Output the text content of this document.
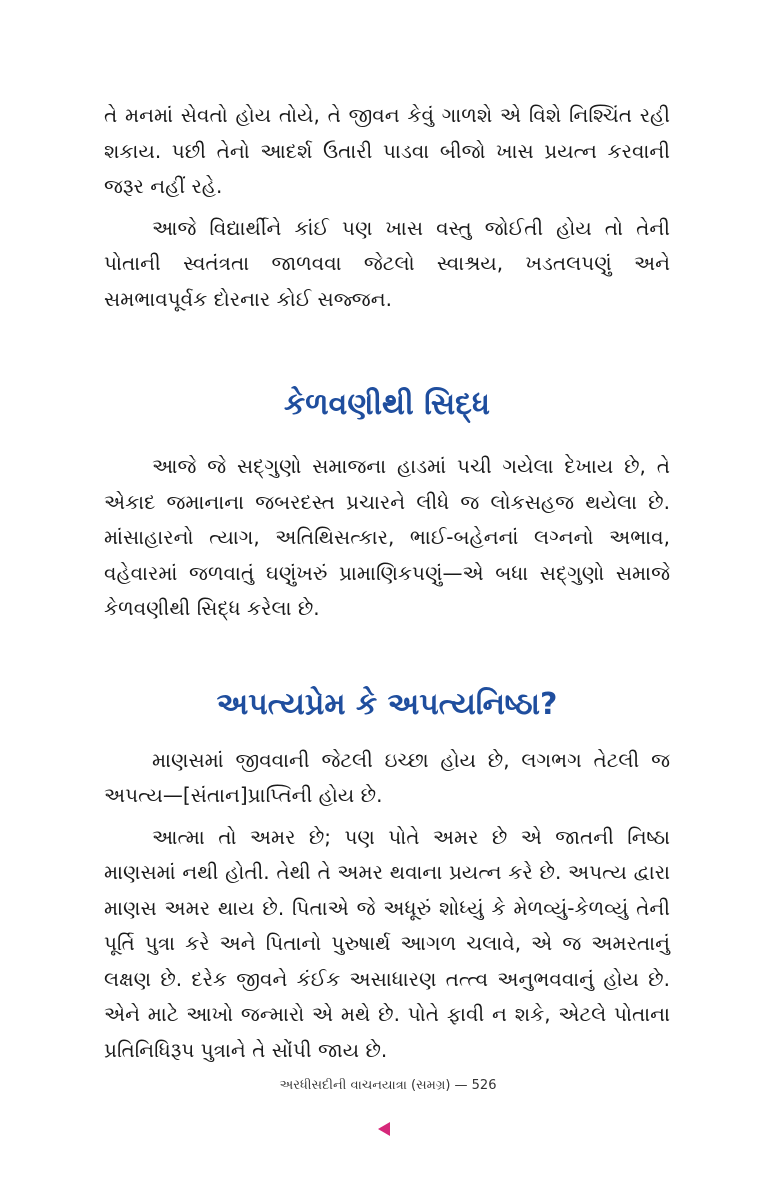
તે મનમાં સેવતો હોય તોયે, તે જીવન કેવું ગાળશે એ વિશે નિશ્ચિંત રહી શકાય. પછી તેનો આદર્શ ઉતારી પાડવા બીજો ખાસ પ્રયત્ન કરવાની જરૂર નહીં રહે.

આજે વિદ્યાર્થીને કાંઈ પણ ખાસ વસ્તુ જોઈતી હોય તો તેની પોતાની સ્વતંત્રતા જાળવવા જેટલો સ્વાશ્રય, ખડતલપણું અને સમભાવપૂર્વક દોરનાર કોઈ સજ્જન.

કેળવણીથી સિદ્ધ

આજે જે સદ્ગુણો સમાજના હાડમાં પચી ગયેલા દેખાય છે, તે એકાદ જમાનાના જબરદસ્ત પ્રચારને લીધે જ લોકસહજ થયેલા છે. માંસાહારનો ત્યાગ, અતિથિસત્કાર, ભાઈ-બહેનનાં લગ્નનો અભાવ, વહેવારમાં જળવાતું ઘણુંખરું પ્રામાણિકપણું—એ બધા સદ્ગુણો સમાજે કેળવણીથી સિદ્ધ કરેલા છે.

અપત્યપ્રેમ કે અપત્યનિષ્ઠા?

માણસમાં જીવવાની જેટલી ઇચ્છા હોય છે, લગભગ તેટલી જ અપત્ય—[સંતાન]પ્રાપ્તિની હોય છે.

આત્મા તો અમર છે; પણ પોતે અમર છે એ જાતની નિષ્ઠા માણસમાં નથી હોતી. તેથી તે અમર થવાના પ્રયત્ન કરે છે. અપત્ય દ્વારા માણસ અમર થાય છે. પિતાએ જે અધૂરું શોધ્યું કે મેળવ્યું-કેળવ્યું તેની પૂર્તિ પુત્રા કરે અને પિતાનો પુરુષાર્થ આગળ ચલાવે, એ જ અમરતાનું લક્ષણ છે. દરેક જીવને કંઈક અસાધારણ તત્ત્વ અનુભવવાનું હોય છે. એને માટે આખો જન્મારો એ મથે છે. પોતે ફાવી ન શકે, એટલે પોતાના પ્રતિનિધિરૂપ પુત્રાને તે સોંપી જાય છે.

અરધીસદીની વાચનયાત્રા (સમગ્ર) — 526
